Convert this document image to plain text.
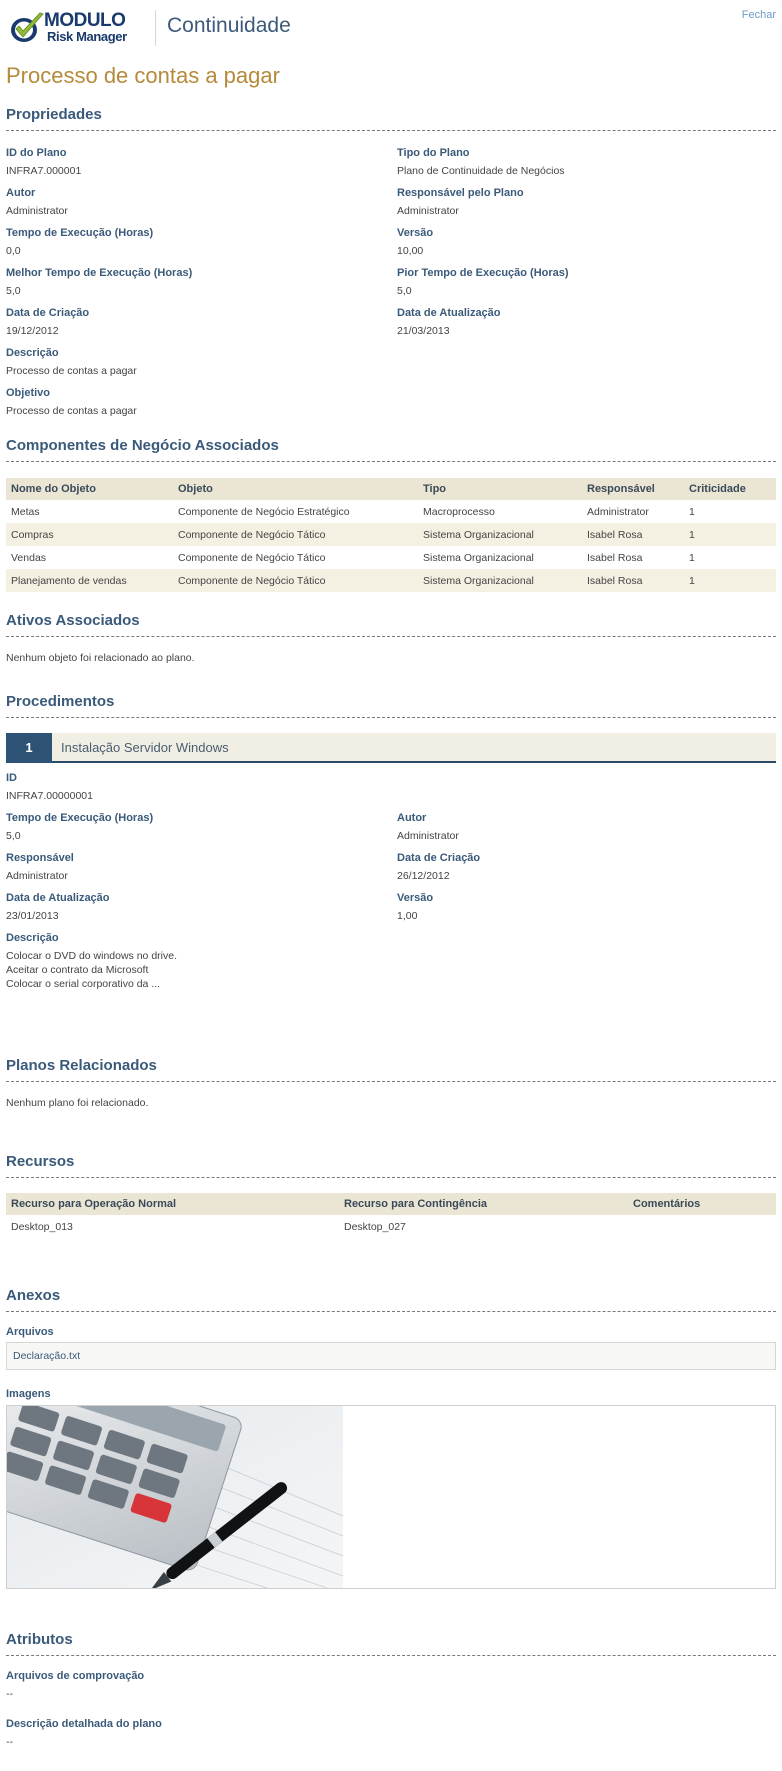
MODULO
Risk Manager Continuidade	Fechar
Processo de contas a pagar
Propriedades
ID do Plano
INFRA7.000001
Tipo do Plano
Plano de Continuidade de Negócios
Autor
Administrator
Responsável pelo Plano
Administrator
Tempo de Execução (Horas)
0,0
Versão
10,00
Melhor Tempo de Execução (Horas)
5,0
Pior Tempo de Execução (Horas)
5,0
Data de Criação
19/12/2012
Data de Atualização
21/03/2013
Descrição
Processo de contas a pagar
Objetivo
Processo de contas a pagar
Componentes de Negócio Associados
Nome do Objeto	Objeto	Tipo	Responsável	Criticidade
Metas	Componente de Negócio Estratégico	Macroprocesso	Administrator	1
Compras	Componente de Negócio Tático	Sistema Organizacional	Isabel Rosa	1
Vendas	Componente de Negócio Tático	Sistema Organizacional	Isabel Rosa	1
Planejamento de vendas	Componente de Negócio Tático	Sistema Organizacional	Isabel Rosa	1
Ativos Associados
Nenhum objeto foi relacionado ao plano.
Procedimentos
1	Instalação Servidor Windows
ID
INFRA7.00000001
Tempo de Execução (Horas)
5,0
Autor
Administrator
Responsável
Administrator
Data de Criação
26/12/2012
Data de Atualização
23/01/2013
Versão
1,00
Descrição
Colocar o DVD do windows no drive.
Aceitar o contrato da Microsoft
Colocar o serial corporativo da ...
Planos Relacionados
Nenhum plano foi relacionado.
Recursos
Recurso para Operação Normal	Recurso para Contingência	Comentários
Desktop_013	Desktop_027	
Anexos
Arquivos
Declaração.txt
Imagens
Atributos
Arquivos de comprovação
--
Descrição detalhada do plano
--
